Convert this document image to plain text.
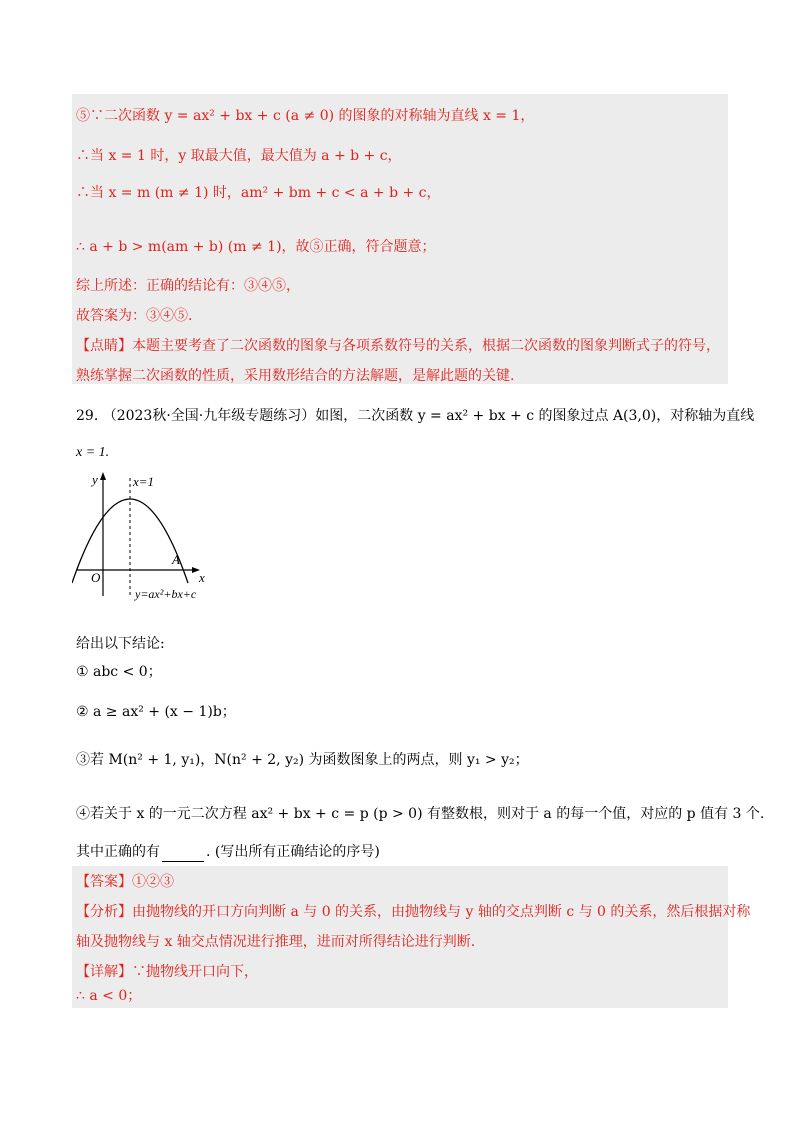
⑤∵二次函数 y = ax² + bx + c (a ≠ 0) 的图象的对称轴为直线 x = 1，
∴当 x = 1 时，y 取最大值，最大值为 a + b + c，
∴当 x = m (m ≠ 1) 时，am² + bm + c < a + b + c，
∴ a + b > m(am + b) (m ≠ 1)，故⑤正确，符合题意；
综上所述：正确的结论有：③④⑤，
故答案为：③④⑤.
【点睛】本题主要考查了二次函数的图象与各项系数符号的关系，根据二次函数的图象判断式子的符号，
熟练掌握二次函数的性质，采用数形结合的方法解题，是解此题的关键.
29. （2023秋·全国·九年级专题练习）如图，二次函数 y = ax² + bx + c 的图象过点 A(3,0)，对称轴为直线
x = 1.
y
x
O
A
x=1
y=ax²+bx+c
给出以下结论:
① abc < 0；
② a ≥ ax² + (x − 1)b；
③若 M(n² + 1, y₁)，N(n² + 2, y₂) 为函数图象上的两点，则 y₁ > y₂；
④若关于 x 的一元二次方程 ax² + bx + c = p (p > 0) 有整数根，则对于 a 的每一个值，对应的 p 值有 3 个.
其中正确的有	. (写出所有正确结论的序号)
【答案】①②③
【分析】由抛物线的开口方向判断 a 与 0 的关系，由抛物线与 y 轴的交点判断 c 与 0 的关系，然后根据对称
轴及抛物线与 x 轴交点情况进行推理，进而对所得结论进行判断.
【详解】∵抛物线开口向下，
∴ a < 0；
